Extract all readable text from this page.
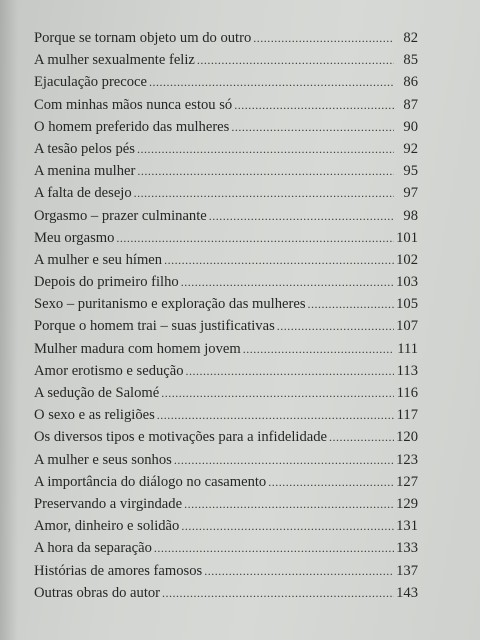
Porque se tornam objeto um do outro .....	82
A mulher sexualmente feliz .....	85
Ejaculação precoce .....	86
Com minhas mãos nunca estou só .....	87
O homem preferido das mulheres .....	90
A tesão pelos pés .....	92
A menina mulher .....	95
A falta de desejo .....	97
Orgasmo – prazer culminante .....	98
Meu orgasmo .....	101
A mulher e seu hímen .....	102
Depois do primeiro filho .....	103
Sexo – puritanismo e exploração das mulheres .....	105
Porque o homem trai – suas justificativas .....	107
Mulher madura com homem jovem .....	111
Amor erotismo e sedução .....	113
A sedução de Salomé .....	116
O sexo e as religiões .....	117
Os diversos tipos e motivações para a infidelidade .....	120
A mulher e seus sonhos .....	123
A importância do diálogo no casamento .....	127
Preservando a virgindade .....	129
Amor, dinheiro e solidão .....	131
A hora da separação .....	133
Histórias de amores famosos .....	137
Outras obras do autor .....	143
